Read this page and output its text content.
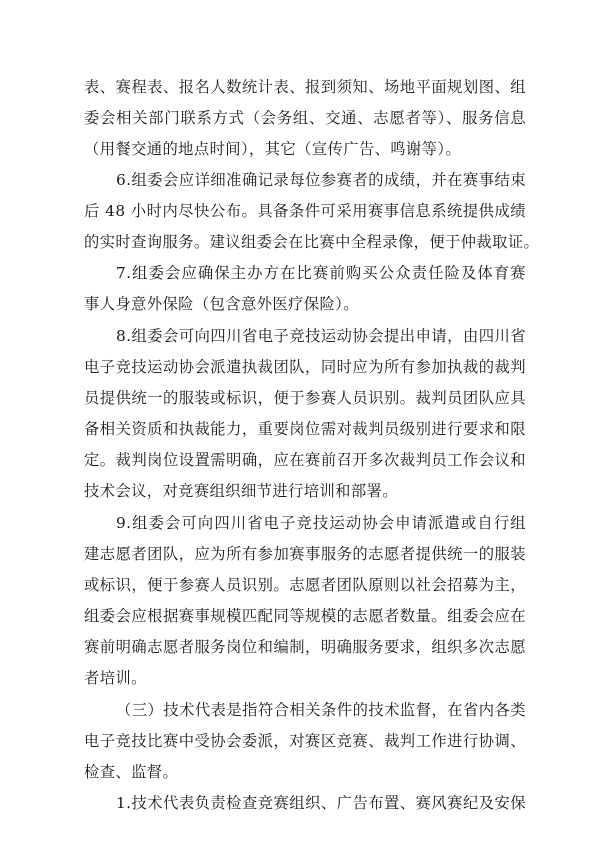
表、赛程表、报名人数统计表、报到须知、场地平面规划图、组
委会相关部门联系方式（会务组、交通、志愿者等）、服务信息
（用餐交通的地点时间），其它（宣传广告、鸣谢等）。
6.组委会应详细准确记录每位参赛者的成绩，并在赛事结束
后 48 小时内尽快公布。具备条件可采用赛事信息系统提供成绩
的实时查询服务。建议组委会在比赛中全程录像，便于仲裁取证。
7.组委会应确保主办方在比赛前购买公众责任险及体育赛
事人身意外保险（包含意外医疗保险）。
8.组委会可向四川省电子竞技运动协会提出申请，由四川省
电子竞技运动协会派遣执裁团队，同时应为所有参加执裁的裁判
员提供统一的服装或标识，便于参赛人员识别。裁判员团队应具
备相关资质和执裁能力，重要岗位需对裁判员级别进行要求和限
定。裁判岗位设置需明确，应在赛前召开多次裁判员工作会议和
技术会议，对竞赛组织细节进行培训和部署。
9.组委会可向四川省电子竞技运动协会申请派遣或自行组
建志愿者团队，应为所有参加赛事服务的志愿者提供统一的服装
或标识，便于参赛人员识别。志愿者团队原则以社会招募为主，
组委会应根据赛事规模匹配同等规模的志愿者数量。组委会应在
赛前明确志愿者服务岗位和编制，明确服务要求，组织多次志愿
者培训。
（三）技术代表是指符合相关条件的技术监督，在省内各类
电子竞技比赛中受协会委派，对赛区竞赛、裁判工作进行协调、
检查、监督。
1.技术代表负责检查竞赛组织、广告布置、赛风赛纪及安保
